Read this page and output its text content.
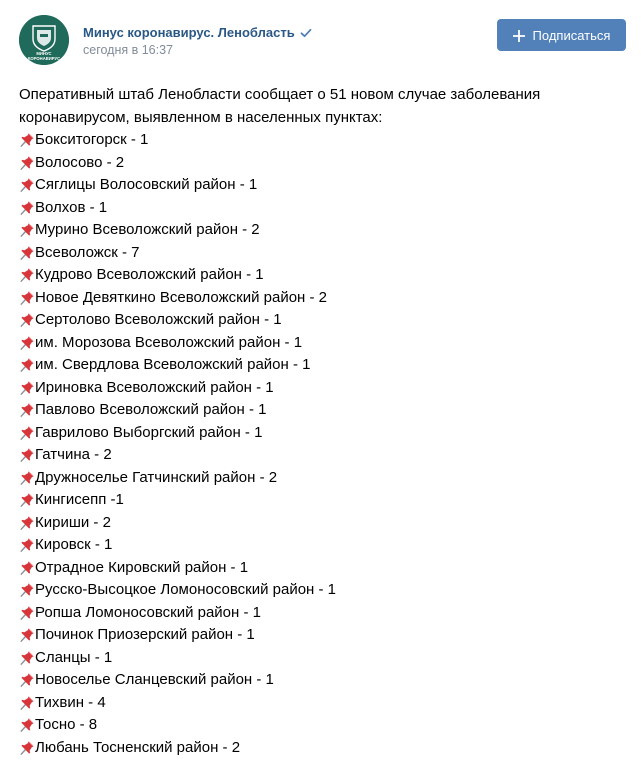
МИНУС
КОРОНАВИРУС
Минус коронавирус. Ленобласть
сегодня в 16:37
Подписаться

Оперативный штаб Ленобласти сообщает о 51 новом случае заболевания коронавирусом, выявленном в населенных пунктах:

Бокситогорск - 1
Волосово - 2
Сяглицы Волосовский район - 1
Волхов - 1
Мурино Всеволожский район - 2
Всеволожск - 7
Кудрово Всеволожский район - 1
Новое Девяткино Всеволожский район - 2
Сертолово Всеволожский район - 1
им. Морозова Всеволожский район - 1
им. Свердлова Всеволожский район - 1
Ириновка Всеволожский район - 1
Павлово Всеволожский район - 1
Гаврилово Выборгский район - 1
Гатчина - 2
Дружноселье Гатчинский район - 2
Кингисепп -1
Кириши - 2
Кировск - 1
Отрадное Кировский район - 1
Русско-Высоцкое Ломоносовский район - 1
Ропша Ломоносовский район - 1
Починок Приозерский район - 1
Сланцы - 1
Новоселье Сланцевский район - 1
Тихвин - 4
Тосно - 8
Любань Тосненский район - 2
